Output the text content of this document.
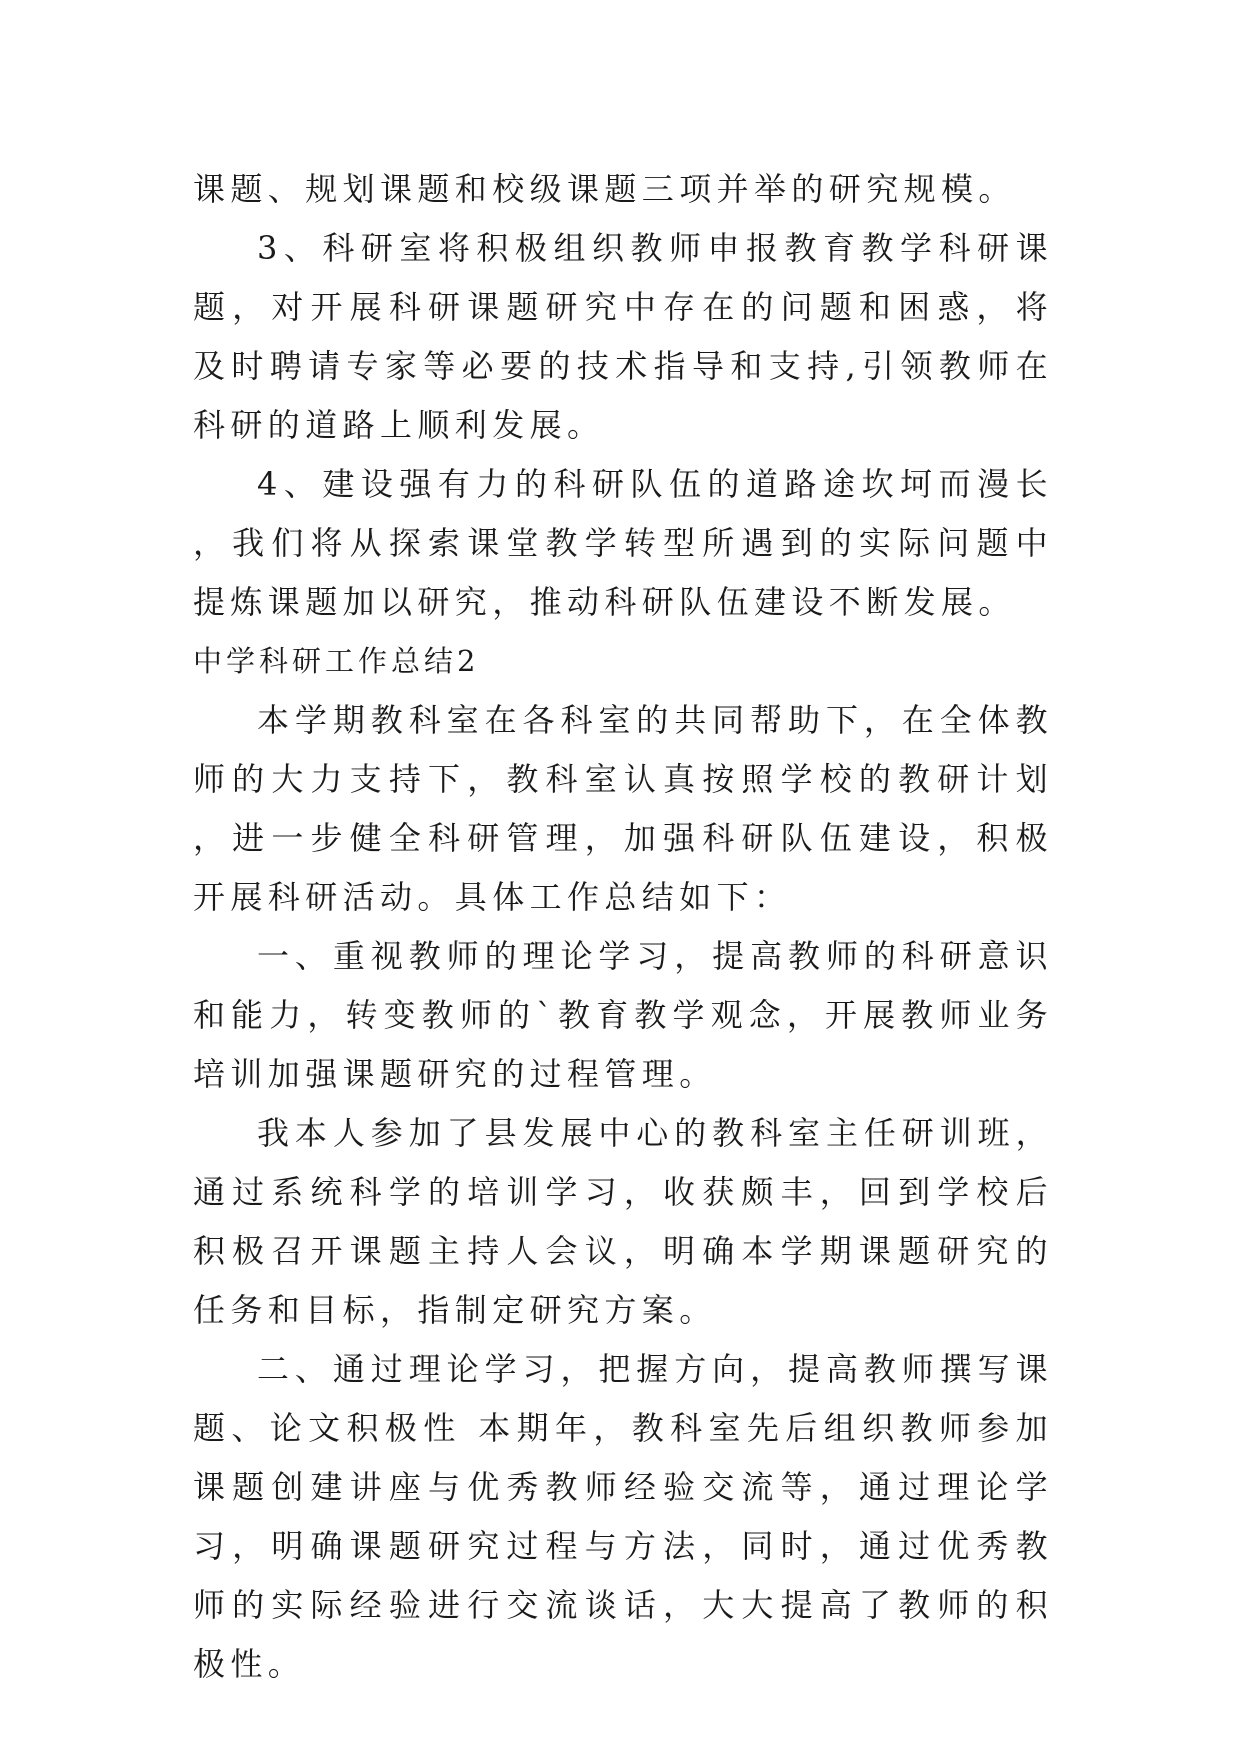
课题、规划课题和校级课题三项并举的研究规模。

3、科研室将积极组织教师申报教育教学科研课题，对开展科研课题研究中存在的问题和困惑，将及时聘请专家等必要的技术指导和支持,引领教师在科研的道路上顺利发展。

4、建设强有力的科研队伍的道路途坎坷而漫长，我们将从探索课堂教学转型所遇到的实际问题中提炼课题加以研究，推动科研队伍建设不断发展。

中学科研工作总结2

本学期教科室在各科室的共同帮助下，在全体教师的大力支持下，教科室认真按照学校的教研计划，进一步健全科研管理，加强科研队伍建设，积极开展科研活动。具体工作总结如下：

一、重视教师的理论学习，提高教师的科研意识和能力，转变教师的`教育教学观念，开展教师业务培训加强课题研究的过程管理。

我本人参加了县发展中心的教科室主任研训班，通过系统科学的培训学习，收获颇丰，回到学校后积极召开课题主持人会议，明确本学期课题研究的任务和目标，指制定研究方案。

二、通过理论学习，把握方向，提高教师撰写课题、论文积极性 本期年，教科室先后组织教师参加课题创建讲座与优秀教师经验交流等，通过理论学习，明确课题研究过程与方法，同时，通过优秀教师的实际经验进行交流谈话，大大提高了教师的积极性。
